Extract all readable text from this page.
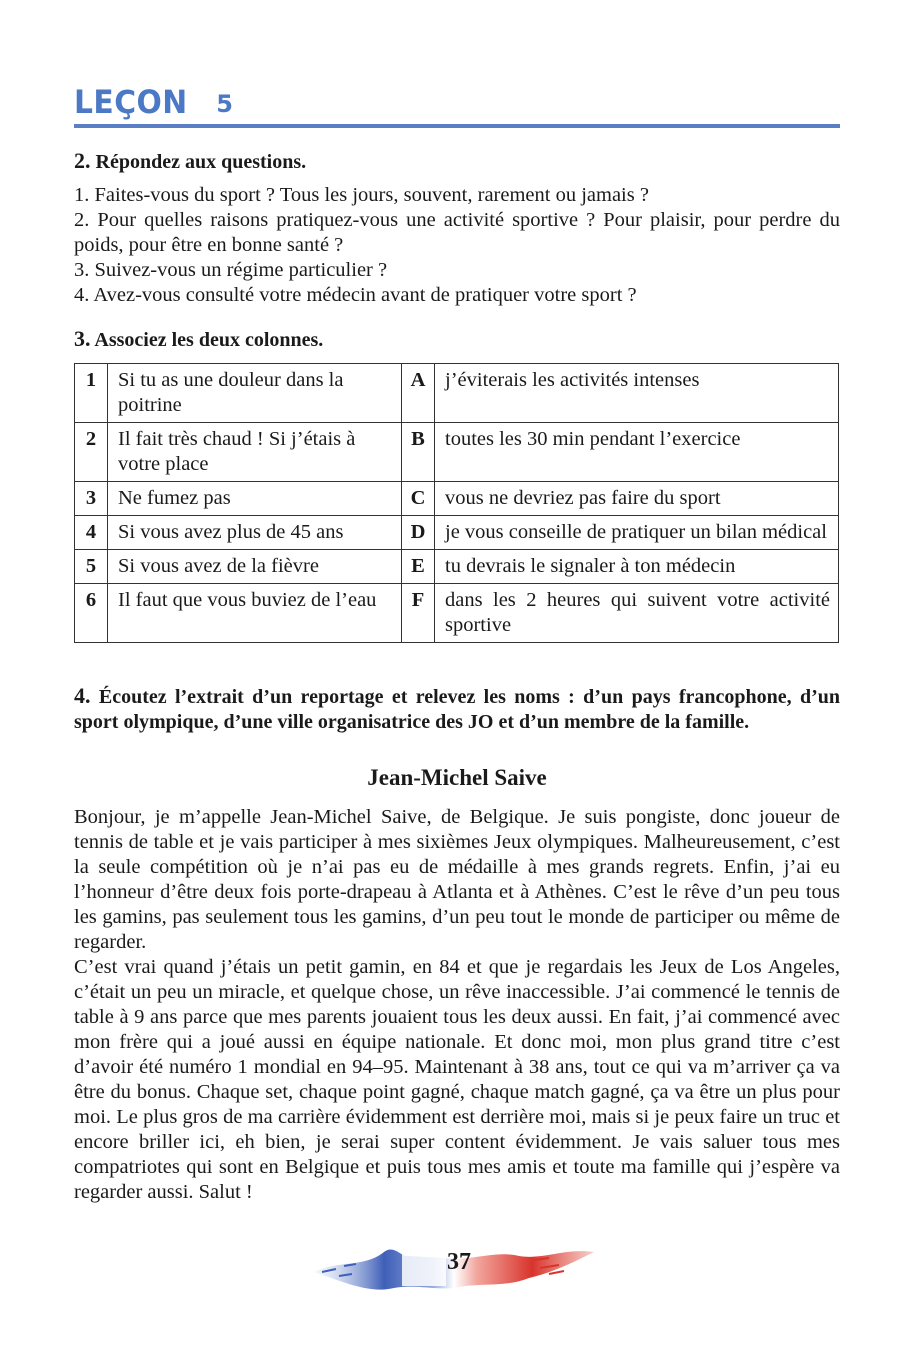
LEÇON 5
2. Répondez aux questions.

1. Faites-vous du sport ? Tous les jours, souvent, rarement ou jamais ?

2. Pour quelles raisons pratiquez-vous une activité sportive ? Pour plaisir, pour perdre du poids, pour être en bonne santé ?

3. Suivez-vous un régime particulier ?

4. Avez-vous consulté votre médecin avant de pratiquer votre sport ?

3. Associez les deux colonnes.
1	Si tu as une douleur dans la poitrine	A	j’éviterais les activités intenses
2	Il fait très chaud ! Si j’étais à votre place	B	toutes les 30 min pendant l’exercice
3	Ne fumez pas	C	vous ne devriez pas faire du sport
4	Si vous avez plus de 45 ans	D	je vous conseille de pratiquer un bilan médical
5	Si vous avez de la fièvre	E	tu devrais le signaler à ton médecin
6	Il faut que vous buviez de l’eau	F	dans les 2 heures qui suivent votre activité sportive
4. Écoutez l’extrait d’un reportage et relevez les noms : d’un pays francophone, d’un sport olympique, d’une ville organisatrice des JO et d’un membre de la famille.
Jean-Michel Saive

Bonjour, je m’appelle Jean-Michel Saive, de Belgique. Je suis pongiste, donc joueur de tennis de table et je vais participer à mes sixièmes Jeux olympiques. Malheureusement, c’est la seule compétition où je n’ai pas eu de médaille à mes grands regrets. Enfin, j’ai eu l’honneur d’être deux fois porte-drapeau à Atlanta et à Athènes. C’est le rêve d’un peu tous les gamins, pas seulement tous les gamins, d’un peu tout le monde de participer ou même de regarder.

C’est vrai quand j’étais un petit gamin, en 84 et que je regardais les Jeux de Los Angeles, c’était un peu un miracle, et quelque chose, un rêve inaccessible. J’ai commencé le tennis de table à 9 ans parce que mes parents jouaient tous les deux aussi. En fait, j’ai commencé avec mon frère qui a joué aussi en équipe nationale. Et donc moi, mon plus grand titre c’est d’avoir été numéro 1 mondial en 94–95. Maintenant à 38 ans, tout ce qui va m’arriver ça va être du bonus. Chaque set, chaque point gagné, chaque match gagné, ça va être un plus pour moi. Le plus gros de ma carrière évidemment est derrière moi, mais si je peux faire un truc et encore briller ici, eh bien, je serai super content évidemment. Je vais saluer tous mes compatriotes qui sont en Belgique et puis tous mes amis et toute ma famille qui j’espère va regarder aussi. Salut !

37
